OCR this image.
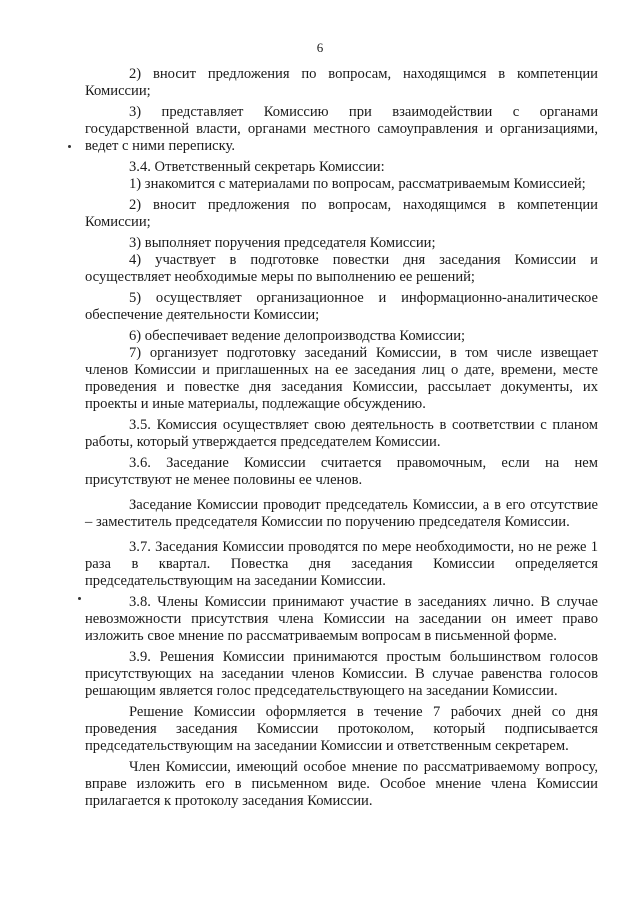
6

2) вносит предложения по вопросам, находящимся в компетенции Комиссии;

3) представляет Комиссию при взаимодействии с органами государственной власти, органами местного самоуправления и организациями, ведет с ними переписку.

3.4. Ответственный секретарь Комиссии:

1) знакомится с материалами по вопросам, рассматриваемым Комиссией;

2) вносит предложения по вопросам, находящимся в компетенции Комиссии;

3) выполняет поручения председателя Комиссии;

4) участвует в подготовке повестки дня заседания Комиссии и осуществляет необходимые меры по выполнению ее решений;

5) осуществляет организационное и информационно-аналитическое обеспечение деятельности Комиссии;

6) обеспечивает ведение делопроизводства Комиссии;

7) организует подготовку заседаний Комиссии, в том числе извещает членов Комиссии и приглашенных на ее заседания лиц о дате, времени, месте проведения и повестке дня заседания Комиссии, рассылает документы, их проекты и иные материалы, подлежащие обсуждению.

3.5. Комиссия осуществляет свою деятельность в соответствии с планом работы, который утверждается председателем Комиссии.

3.6. Заседание Комиссии считается правомочным, если на нем присутствуют не менее половины ее членов.

Заседание Комиссии проводит председатель Комиссии, а в его отсутствие – заместитель председателя Комиссии по поручению председателя Комиссии.

3.7. Заседания Комиссии проводятся по мере необходимости, но не реже 1 раза в квартал. Повестка дня заседания Комиссии определяется председательствующим на заседании Комиссии.

3.8. Члены Комиссии принимают участие в заседаниях лично. В случае невозможности присутствия члена Комиссии на заседании он имеет право изложить свое мнение по рассматриваемым вопросам в письменной форме.

3.9. Решения Комиссии принимаются простым большинством голосов присутствующих на заседании членов Комиссии. В случае равенства голосов решающим является голос председательствующего на заседании Комиссии.

Решение Комиссии оформляется в течение 7 рабочих дней со дня проведения заседания Комиссии протоколом, который подписывается председательствующим на заседании Комиссии и ответственным секретарем.

Член Комиссии, имеющий особое мнение по рассматриваемому вопросу, вправе изложить его в письменном виде. Особое мнение члена Комиссии прилагается к протоколу заседания Комиссии.
